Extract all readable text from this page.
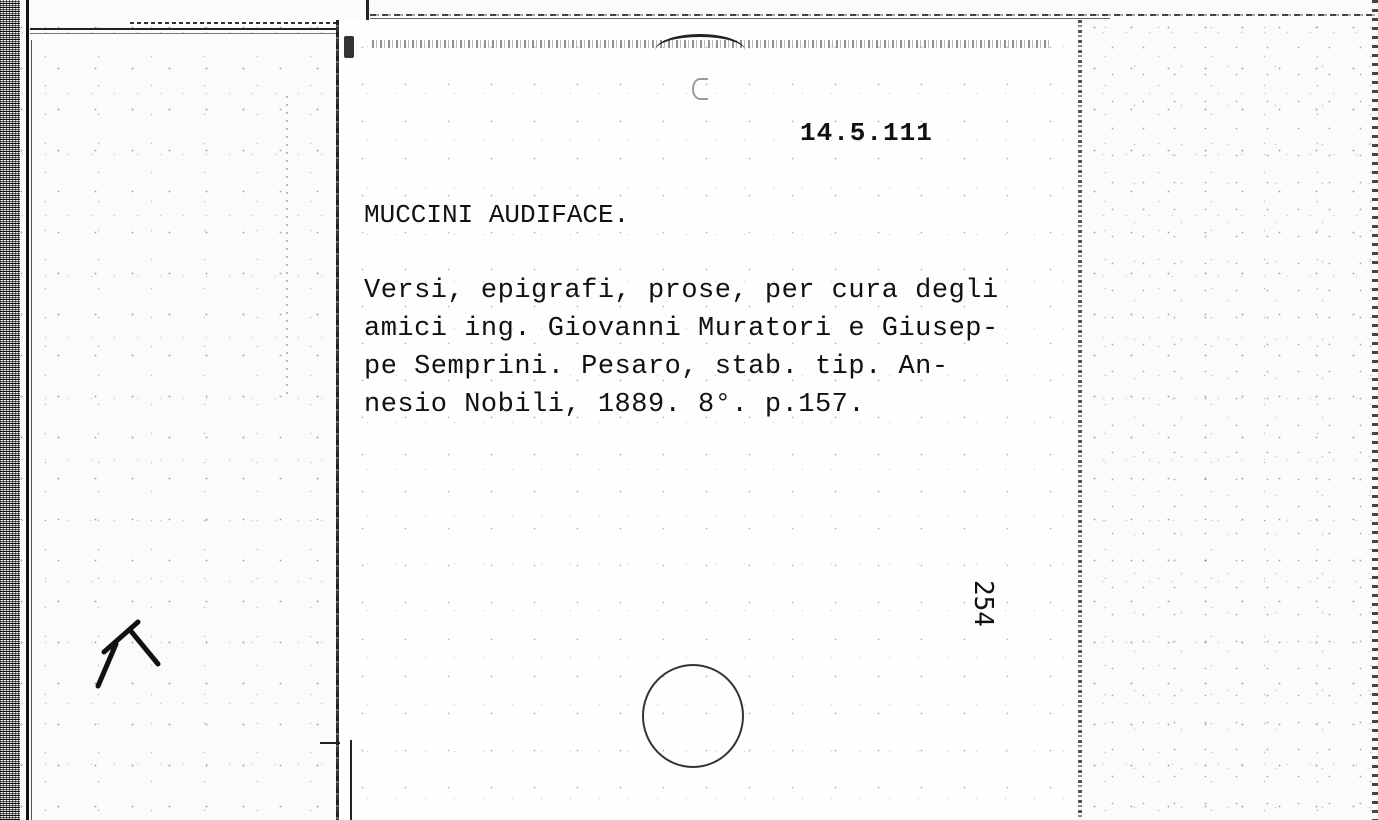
14.5.111
MUCCINI AUDIFACE.
Versi, epigrafi, prose, per cura degli
amici ing. Giovanni Muratori e Giusep-
pe Semprini. Pesaro, stab. tip. An-
nesio Nobili, 1889. 8°. p.157.
254
